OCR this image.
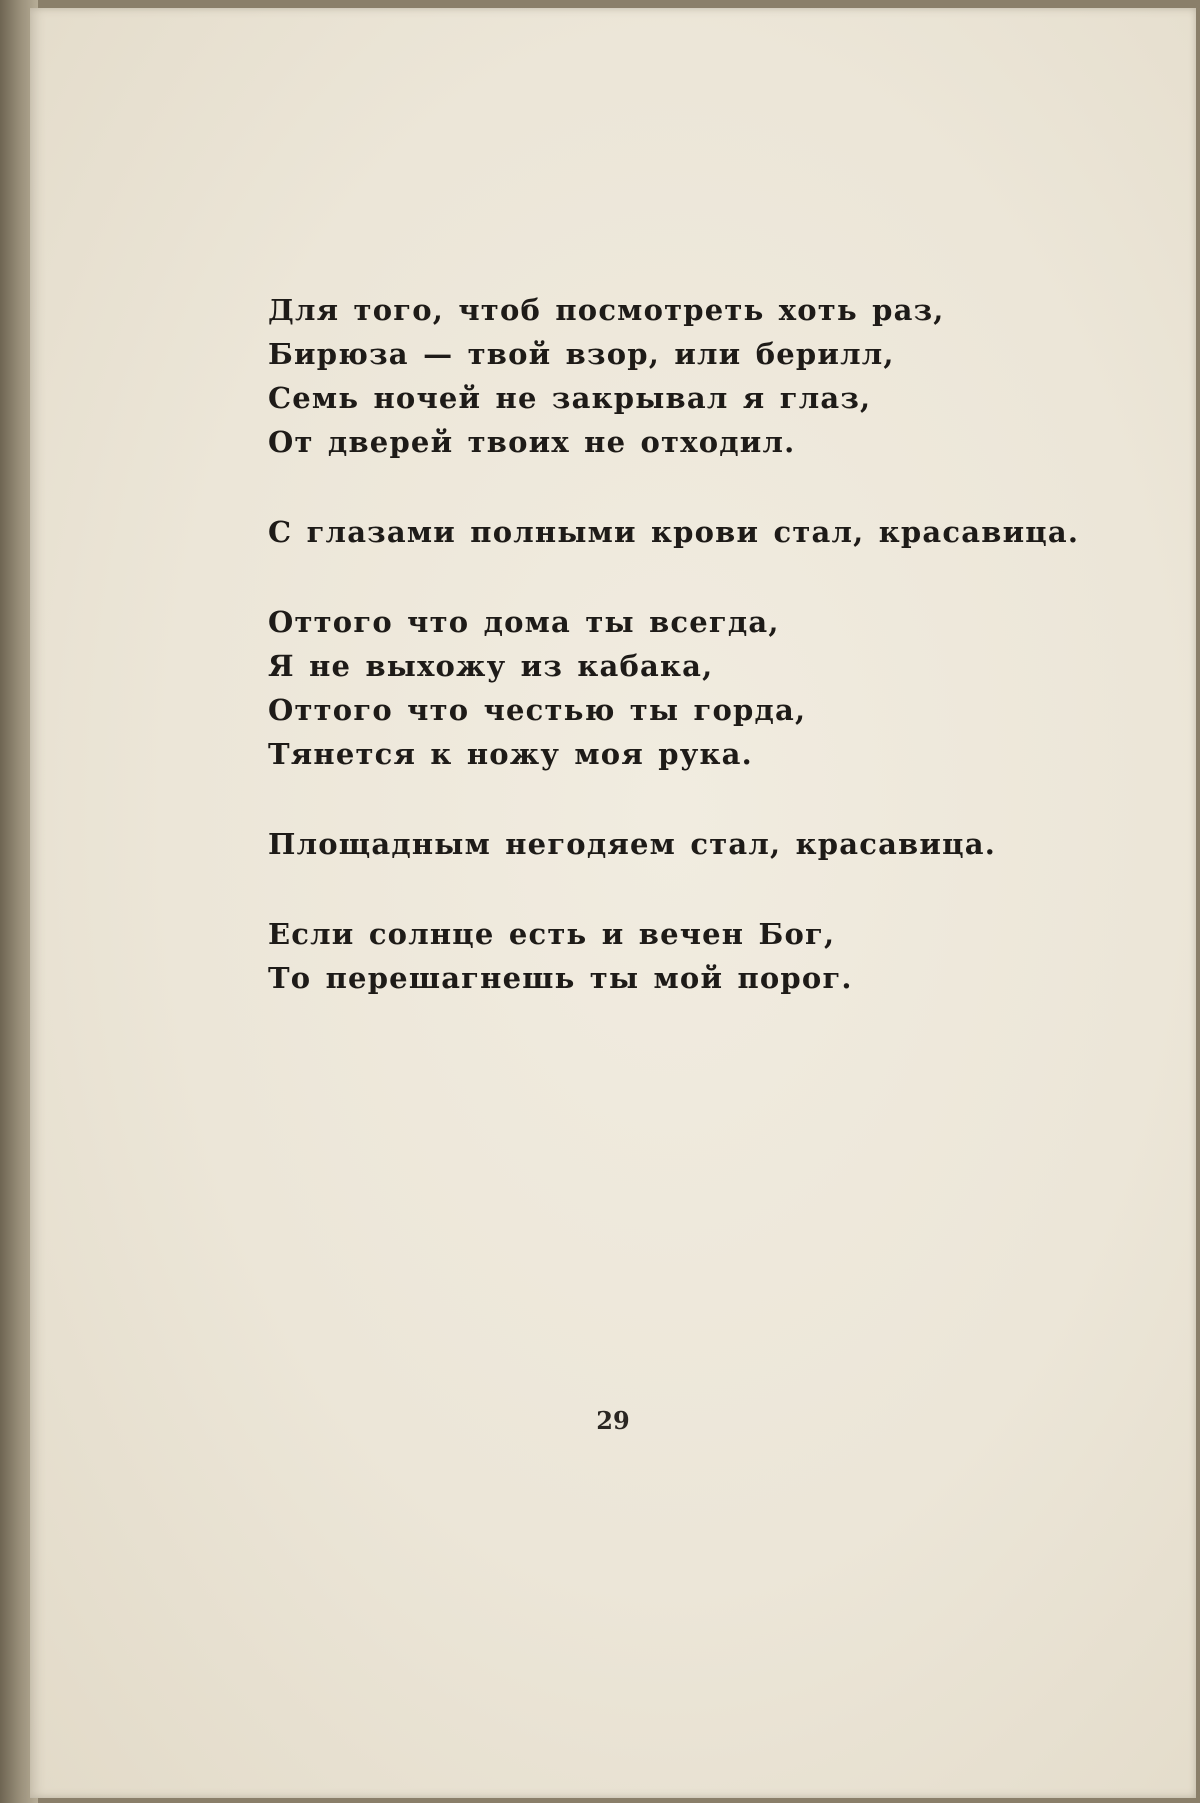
Для того, чтоб посмотреть хоть раз,
Бирюза — твой взор, или берилл,
Семь ночей не закрывал я глаз,
От дверей твоих не отходил.
С глазами полными крови стал, красавица.
Оттого что дома ты всегда,
Я не выхожу из кабака,
Оттого что честью ты горда,
Тянется к ножу моя рука.
Площадным негодяем стал, красавица.
Если солнце есть и вечен Бог,
То перешагнешь ты мой порог.
29
